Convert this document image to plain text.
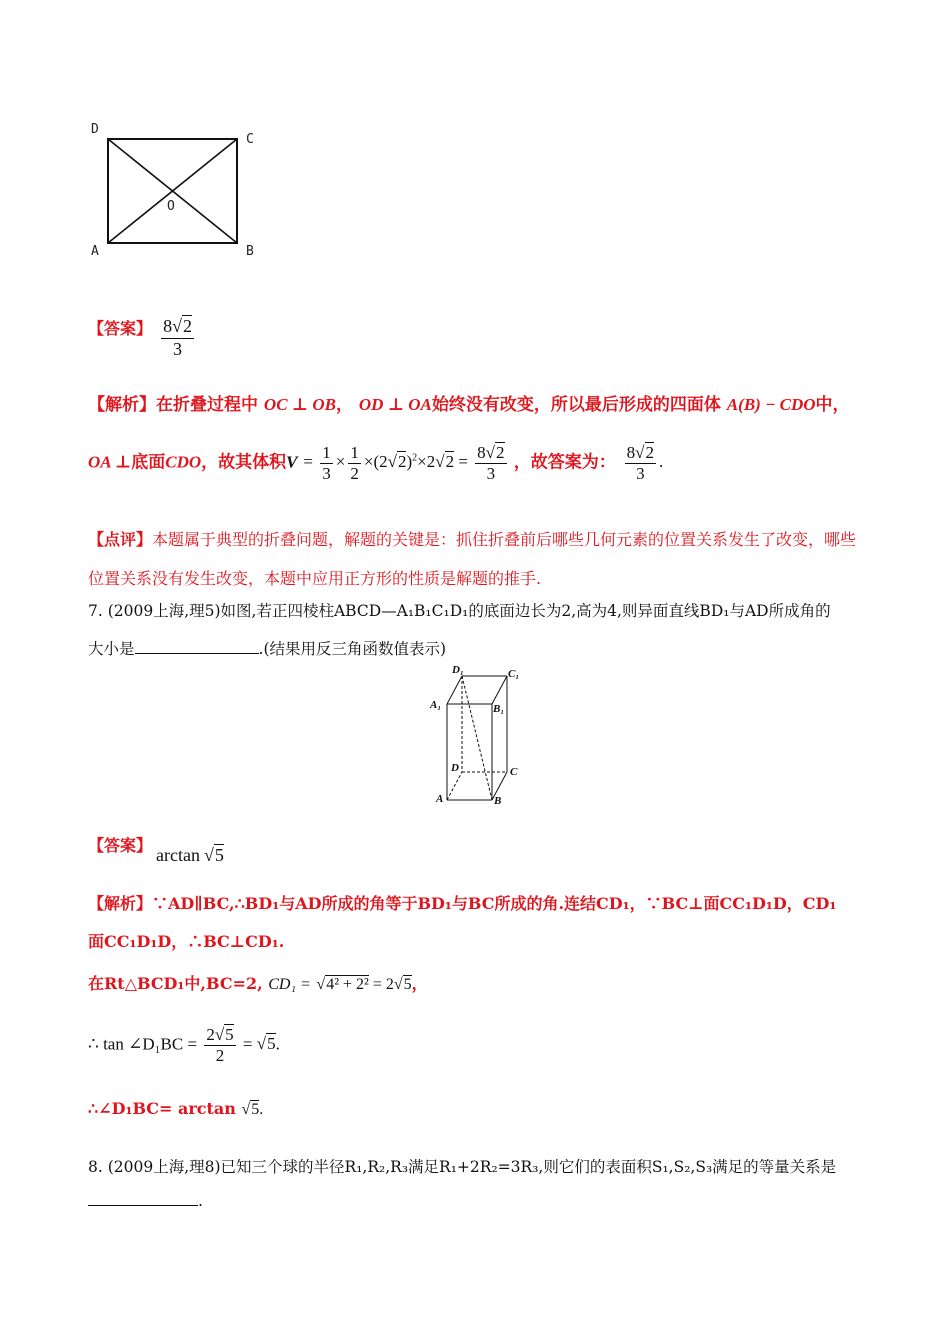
D
C
O
A	B
【答案】 $\frac{8√2}{3}$
【解析】在折叠过程中 OC ⊥ OB， OD ⊥ OA始终没有改变，所以最后形成的四面体 A(B) − CDO中，
OA ⊥底面CDO，故其体积$V = \frac{1}{3} \times \frac{1}{2} \times(2√2)^2\times 2√2 = \frac{8√2}{3}$ ，故答案为： $\frac{8√2}{3}$ .
【点评】本题属于典型的折叠问题，解题的关键是：抓住折叠前后哪些几何元素的位置关系发生了改变，哪些
位置关系没有发生改变，本题中应用正方形的性质是解题的推手.
7. (2009上海,理5)如图,若正四棱柱ABCD—A₁B₁C₁D₁的底面边长为2,高为4,则异面直线BD₁与AD所成角的
大小是	.(结果用反三角函数值表示)
D₁	C₁
A₁	B₁
D	C
A	B
【答案】 arctan √5
【解析】∵AD∥BC,∴BD₁与AD所成的角等于BD₁与BC所成的角.连结CD₁，∵BC⊥面CC₁D₁D，CD₁
面CC₁D₁D，∴BC⊥CD₁.
在Rt△BCD₁中,BC=2, CD₁ = √4² + 2² = 2√5，
∴ tan ∠D₁BC = $\frac{2√5}{2} = √5$.
∴∠D₁BC= arctan √5.
8. (2009上海,理8)已知三个球的半径R₁,R₂,R₃满足R₁+2R₂=3R₃,则它们的表面积S₁,S₂,S₃满足的等量关系是
.
